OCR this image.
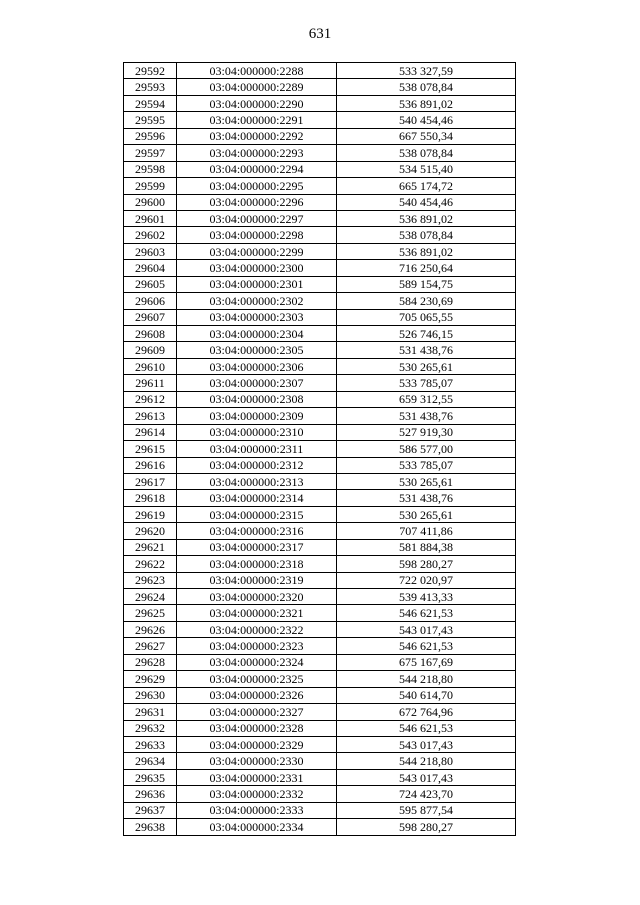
631
29592	03:04:000000:2288	533 327,59
29593	03:04:000000:2289	538 078,84
29594	03:04:000000:2290	536 891,02
29595	03:04:000000:2291	540 454,46
29596	03:04:000000:2292	667 550,34
29597	03:04:000000:2293	538 078,84
29598	03:04:000000:2294	534 515,40
29599	03:04:000000:2295	665 174,72
29600	03:04:000000:2296	540 454,46
29601	03:04:000000:2297	536 891,02
29602	03:04:000000:2298	538 078,84
29603	03:04:000000:2299	536 891,02
29604	03:04:000000:2300	716 250,64
29605	03:04:000000:2301	589 154,75
29606	03:04:000000:2302	584 230,69
29607	03:04:000000:2303	705 065,55
29608	03:04:000000:2304	526 746,15
29609	03:04:000000:2305	531 438,76
29610	03:04:000000:2306	530 265,61
29611	03:04:000000:2307	533 785,07
29612	03:04:000000:2308	659 312,55
29613	03:04:000000:2309	531 438,76
29614	03:04:000000:2310	527 919,30
29615	03:04:000000:2311	586 577,00
29616	03:04:000000:2312	533 785,07
29617	03:04:000000:2313	530 265,61
29618	03:04:000000:2314	531 438,76
29619	03:04:000000:2315	530 265,61
29620	03:04:000000:2316	707 411,86
29621	03:04:000000:2317	581 884,38
29622	03:04:000000:2318	598 280,27
29623	03:04:000000:2319	722 020,97
29624	03:04:000000:2320	539 413,33
29625	03:04:000000:2321	546 621,53
29626	03:04:000000:2322	543 017,43
29627	03:04:000000:2323	546 621,53
29628	03:04:000000:2324	675 167,69
29629	03:04:000000:2325	544 218,80
29630	03:04:000000:2326	540 614,70
29631	03:04:000000:2327	672 764,96
29632	03:04:000000:2328	546 621,53
29633	03:04:000000:2329	543 017,43
29634	03:04:000000:2330	544 218,80
29635	03:04:000000:2331	543 017,43
29636	03:04:000000:2332	724 423,70
29637	03:04:000000:2333	595 877,54
29638	03:04:000000:2334	598 280,27
